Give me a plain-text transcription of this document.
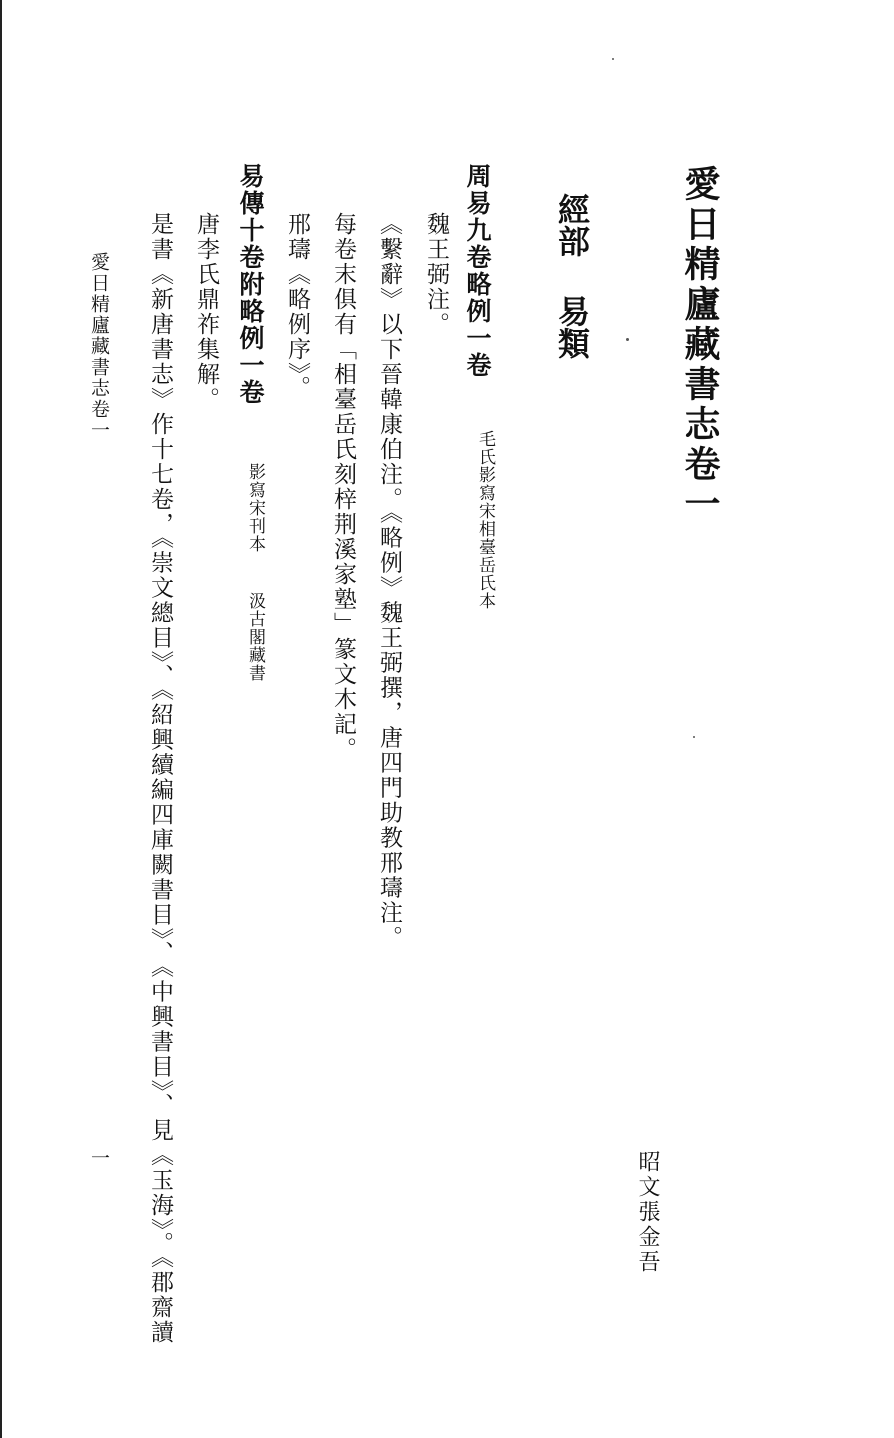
愛日精廬藏書志卷一
昭文張金吾
經部易類
周易九卷略例一卷
毛氏影寫宋相臺岳氏本
魏王弼注。
《繫辭》以下晉韓康伯注。《略例》魏王弼撰，唐四門助教邢璹注。
每卷末俱有「相臺岳氏刻梓荆溪家塾」篆文木記。
邢璹《略例序》。
易傳十卷附略例一卷
影寫宋刊本
汲古閣藏書
唐李氏鼎祚集解。
是書《新唐書志》作十七卷，《崇文總目》、《紹興續編四庫闕書目》、《中興書目》、見《玉海》。《郡齋讀
愛日精廬藏書志卷一
一
